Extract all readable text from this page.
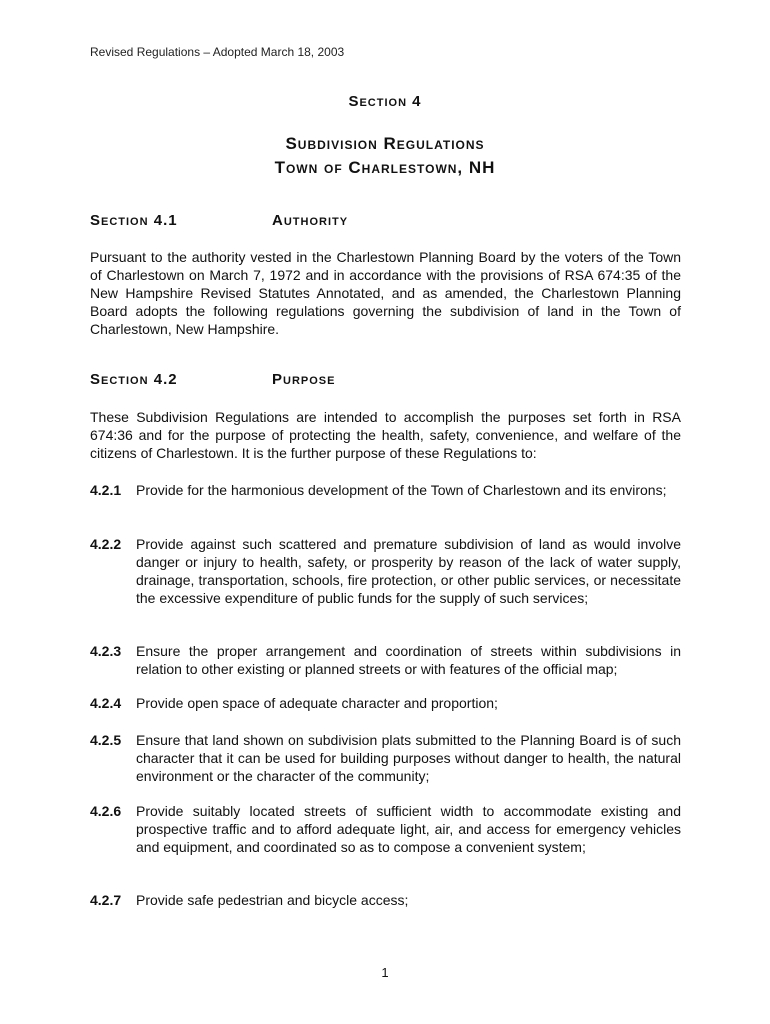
Revised Regulations – Adopted March 18, 2003
Section 4
Subdivision Regulations
Town of Charlestown, NH
Section 4.1	Authority
Pursuant to the authority vested in the Charlestown Planning Board by the voters of the Town of Charlestown on March 7, 1972 and in accordance with the provisions of RSA 674:35 of the New Hampshire Revised Statutes Annotated, and as amended, the Charlestown Planning Board adopts the following regulations governing the subdivision of land in the Town of Charlestown, New Hampshire.
Section 4.2	Purpose
These Subdivision Regulations are intended to accomplish the purposes set forth in RSA 674:36 and for the purpose of protecting the health, safety, convenience, and welfare of the citizens of Charlestown. It is the further purpose of these Regulations to:
4.2.1 Provide for the harmonious development of the Town of Charlestown and its environs;
4.2.2 Provide against such scattered and premature subdivision of land as would involve danger or injury to health, safety, or prosperity by reason of the lack of water supply, drainage, transportation, schools, fire protection, or other public services, or necessitate the excessive expenditure of public funds for the supply of such services;
4.2.3 Ensure the proper arrangement and coordination of streets within subdivisions in relation to other existing or planned streets or with features of the official map;
4.2.4 Provide open space of adequate character and proportion;
4.2.5 Ensure that land shown on subdivision plats submitted to the Planning Board is of such character that it can be used for building purposes without danger to health, the natural environment or the character of the community;
4.2.6 Provide suitably located streets of sufficient width to accommodate existing and prospective traffic and to afford adequate light, air, and access for emergency vehicles and equipment, and coordinated so as to compose a convenient system;
4.2.7 Provide safe pedestrian and bicycle access;
1
